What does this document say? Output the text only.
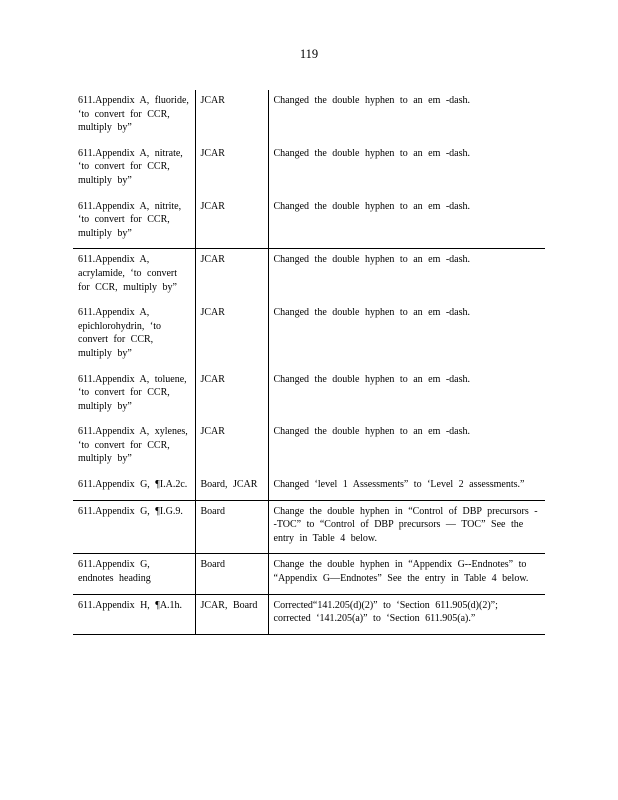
119
611.Appendix A, fluoride, ‘to convert for CCR, multiply by”	JCAR	Changed the double hyphen to an em -dash.
611.Appendix A, nitrate, ‘to convert for CCR, multiply by”	JCAR	Changed the double hyphen to an em -dash.
611.Appendix A, nitrite, ‘to convert for CCR, multiply by”	JCAR	Changed the double hyphen to an em -dash.
611.Appendix A, acrylamide, ‘to convert for CCR, multiply by”	JCAR	Changed the double hyphen to an em -dash.
611.Appendix A, epichlorohydrin, ‘to convert for CCR, multiply by”	JCAR	Changed the double hyphen to an em -dash.
611.Appendix A, toluene, ‘to convert for CCR, multiply by”	JCAR	Changed the double hyphen to an em -dash.
611.Appendix A, xylenes, ‘to convert for CCR, multiply by”	JCAR	Changed the double hyphen to an em -dash.
611.Appendix G, ¶I.A.2c.	Board, JCAR	Changed ‘level 1 Assessments” to ‘Level 2 assessments.”
611.Appendix G, ¶I.G.9.	Board	Change the double hyphen in “Control of DBP precursors --TOC” to “Control of DBP precursors — TOC” See the entry in Table 4 below.
611.Appendix G, endnotes heading	Board	Change the double hyphen in “Appendix G--Endnotes” to “Appendix G—Endnotes” See the entry in Table 4 below.
611.Appendix H, ¶A.1h.	JCAR, Board	Corrected“141.205(d)(2)” to ‘Section 611.905(d)(2)”; corrected ‘141.205(a)” to ‘Section 611.905(a).”
